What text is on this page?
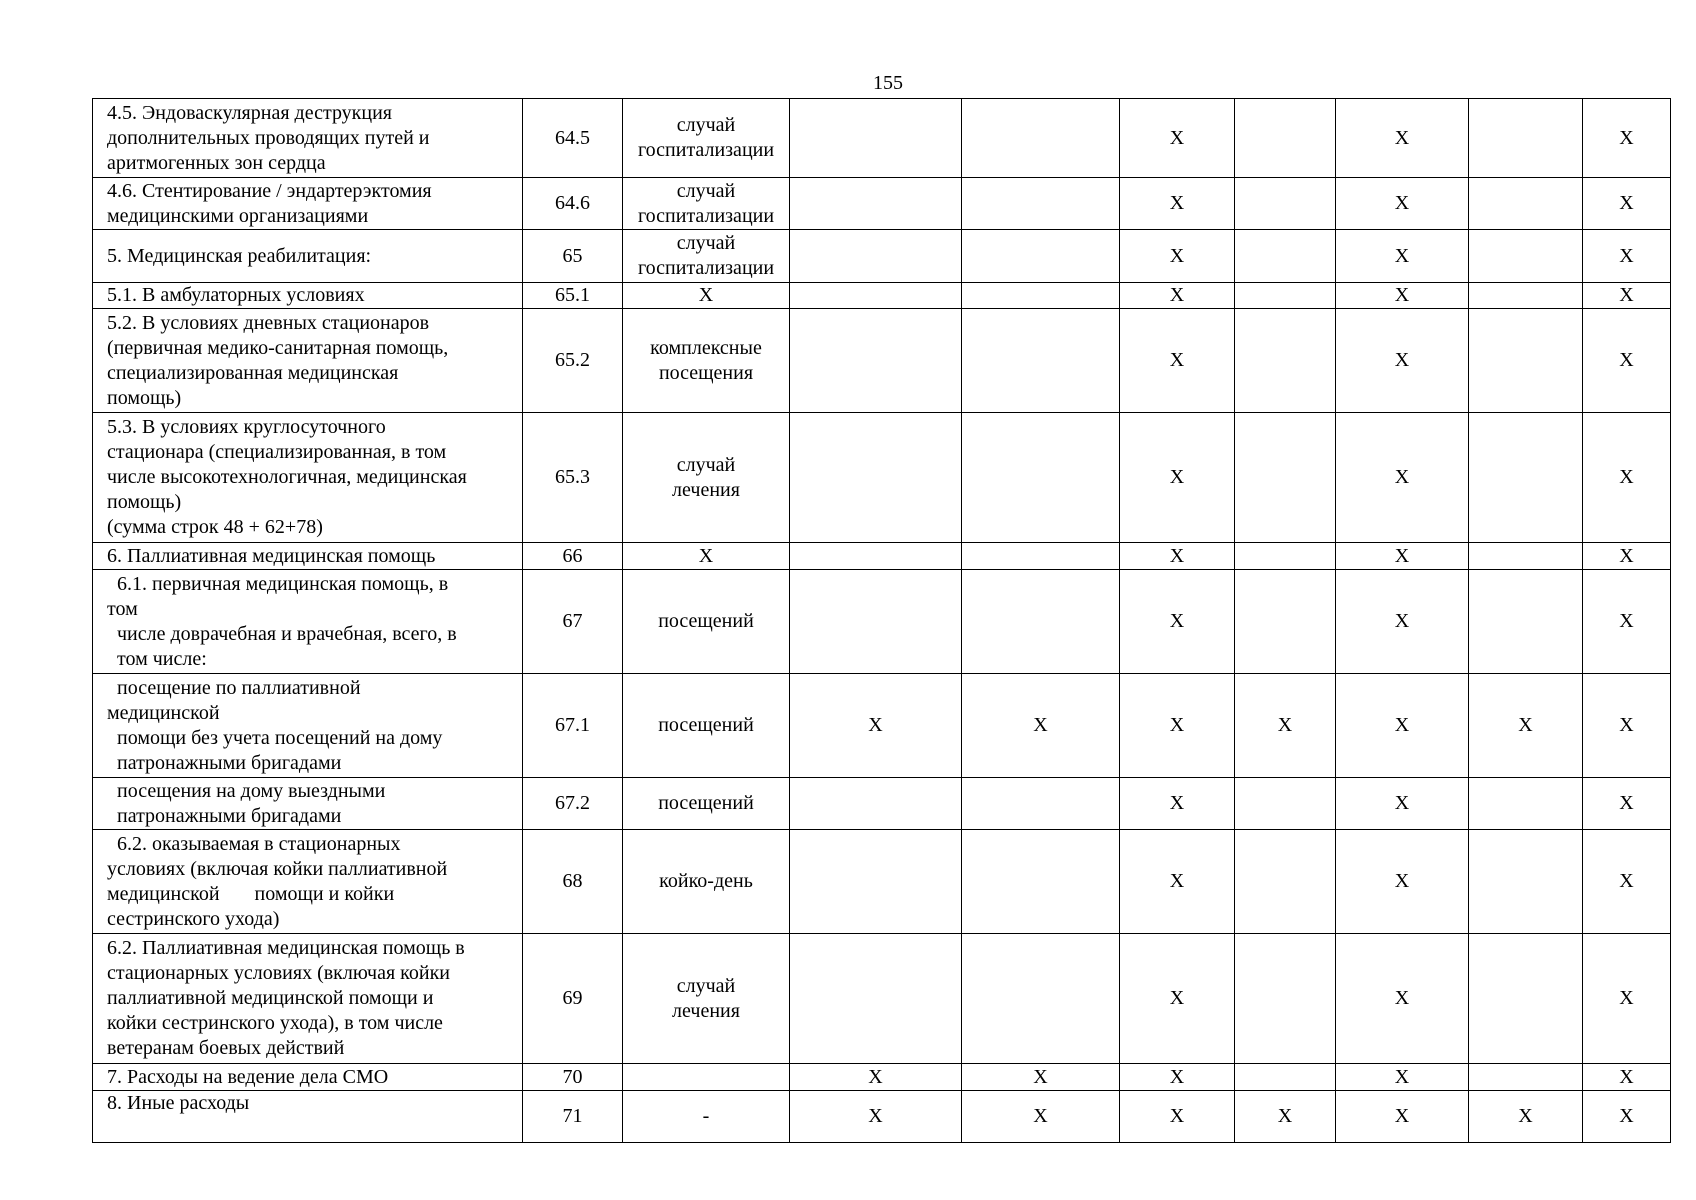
155
4.5. Эндоваскулярная деструкция
дополнительных проводящих путей и
аритмогенных зон сердца	64.5	случай
госпитализации			X		X		X

4.6. Стентирование / эндартерэктомия
медицинскими организациями	64.6	случай
госпитализации			X		X		X

5. Медицинская реабилитация:	65	случай
госпитализации			X		X		X

5.1. В амбулаторных условиях	65.1	X			X		X		X

5.2. В условиях дневных стационаров
(первичная медико-санитарная помощь,
специализированная медицинская
помощь)	65.2	комплексные
посещения			X		X		X

5.3. В условиях круглосуточного
стационара (специализированная, в том
числе высокотехнологичная, медицинская
помощь)
(сумма строк 48 + 62+78)	65.3	случай
лечения			X		X		X

6. Паллиативная медицинская помощь	66	X			X		X		X

6.1. первичная медицинская помощь, в
том
числе доврачебная и врачебная, всего, в
том числе:	67	посещений			X		X		X

посещение по паллиативной
медицинской
помощи без учета посещений на дому
патронажными бригадами	67.1	посещений	X	X	X	X	X	X	X

посещения на дому выездными
патронажными бригадами	67.2	посещений			X		X		X

6.2. оказываемая в стационарных
условиях (включая койки паллиативной
медицинской       помощи и койки
сестринского ухода)	68	койко-день			X		X		X

6.2. Паллиативная медицинская помощь в
стационарных условиях (включая койки
паллиативной медицинской помощи и
койки сестринского ухода), в том числе
ветеранам боевых действий	69	случай
лечения			X		X		X

7. Расходы на ведение дела СМО	70		X	X	X		X		X

8. Иные расходы	71	-	X	X	X	X	X	X	X
